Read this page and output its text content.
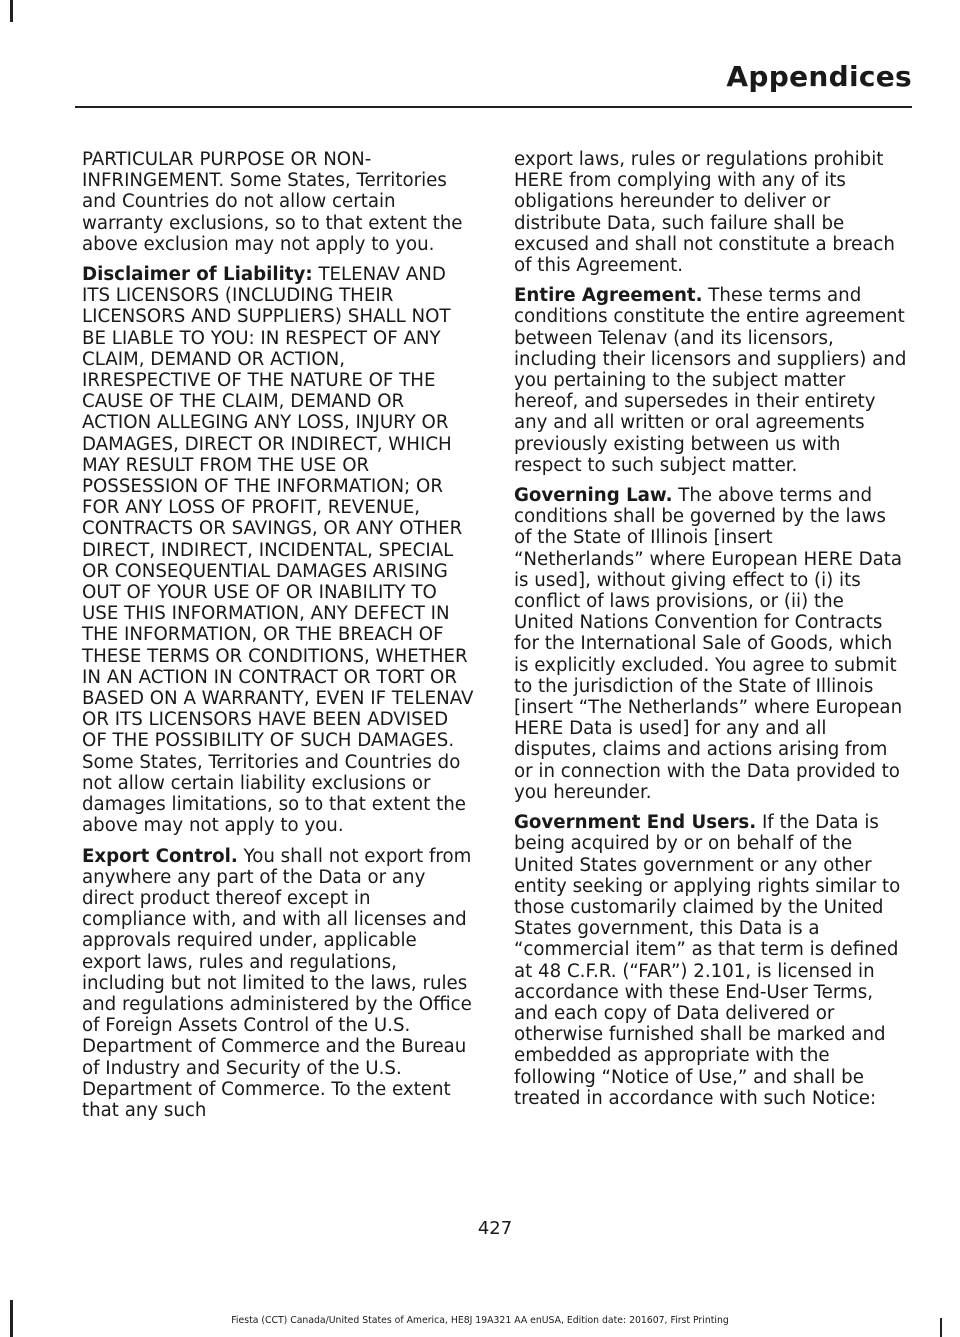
Appendices

PARTICULAR PURPOSE OR NON-INFRINGEMENT. Some States, Territories and Countries do not allow certain warranty exclusions, so to that extent the above exclusion may not apply to you.

Disclaimer of Liability: TELENAV AND ITS LICENSORS (INCLUDING THEIR LICENSORS AND SUPPLIERS) SHALL NOT BE LIABLE TO YOU: IN RESPECT OF ANY CLAIM, DEMAND OR ACTION, IRRESPECTIVE OF THE NATURE OF THE CAUSE OF THE CLAIM, DEMAND OR ACTION ALLEGING ANY LOSS, INJURY OR DAMAGES, DIRECT OR INDIRECT, WHICH MAY RESULT FROM THE USE OR POSSESSION OF THE INFORMATION; OR FOR ANY LOSS OF PROFIT, REVENUE, CONTRACTS OR SAVINGS, OR ANY OTHER DIRECT, INDIRECT, INCIDENTAL, SPECIAL OR CONSEQUENTIAL DAMAGES ARISING OUT OF YOUR USE OF OR INABILITY TO USE THIS INFORMATION, ANY DEFECT IN THE INFORMATION, OR THE BREACH OF THESE TERMS OR CONDITIONS, WHETHER IN AN ACTION IN CONTRACT OR TORT OR BASED ON A WARRANTY, EVEN IF TELENAV OR ITS LICENSORS HAVE BEEN ADVISED OF THE POSSIBILITY OF SUCH DAMAGES. Some States, Territories and Countries do not allow certain liability exclusions or damages limitations, so to that extent the above may not apply to you.

Export Control. You shall not export from anywhere any part of the Data or any direct product thereof except in compliance with, and with all licenses and approvals required under, applicable export laws, rules and regulations, including but not limited to the laws, rules and regulations administered by the Office of Foreign Assets Control of the U.S. Department of Commerce and the Bureau of Industry and Security of the U.S. Department of Commerce. To the extent that any such

export laws, rules or regulations prohibit HERE from complying with any of its obligations hereunder to deliver or distribute Data, such failure shall be excused and shall not constitute a breach of this Agreement.

Entire Agreement. These terms and conditions constitute the entire agreement between Telenav (and its licensors, including their licensors and suppliers) and you pertaining to the subject matter hereof, and supersedes in their entirety any and all written or oral agreements previously existing between us with respect to such subject matter.

Governing Law. The above terms and conditions shall be governed by the laws of the State of Illinois [insert “Netherlands” where European HERE Data is used], without giving effect to (i) its conflict of laws provisions, or (ii) the United Nations Convention for Contracts for the International Sale of Goods, which is explicitly excluded. You agree to submit to the jurisdiction of the State of Illinois [insert “The Netherlands” where European HERE Data is used] for any and all disputes, claims and actions arising from or in connection with the Data provided to you hereunder.

Government End Users. If the Data is being acquired by or on behalf of the United States government or any other entity seeking or applying rights similar to those customarily claimed by the United States government, this Data is a “commercial item” as that term is defined at 48 C.F.R. (“FAR”) 2.101, is licensed in accordance with these End-User Terms, and each copy of Data delivered or otherwise furnished shall be marked and embedded as appropriate with the following “Notice of Use,” and shall be treated in accordance with such Notice:

427
Fiesta (CCT) Canada/United States of America, HE8J 19A321 AA enUSA, Edition date: 201607, First Printing
